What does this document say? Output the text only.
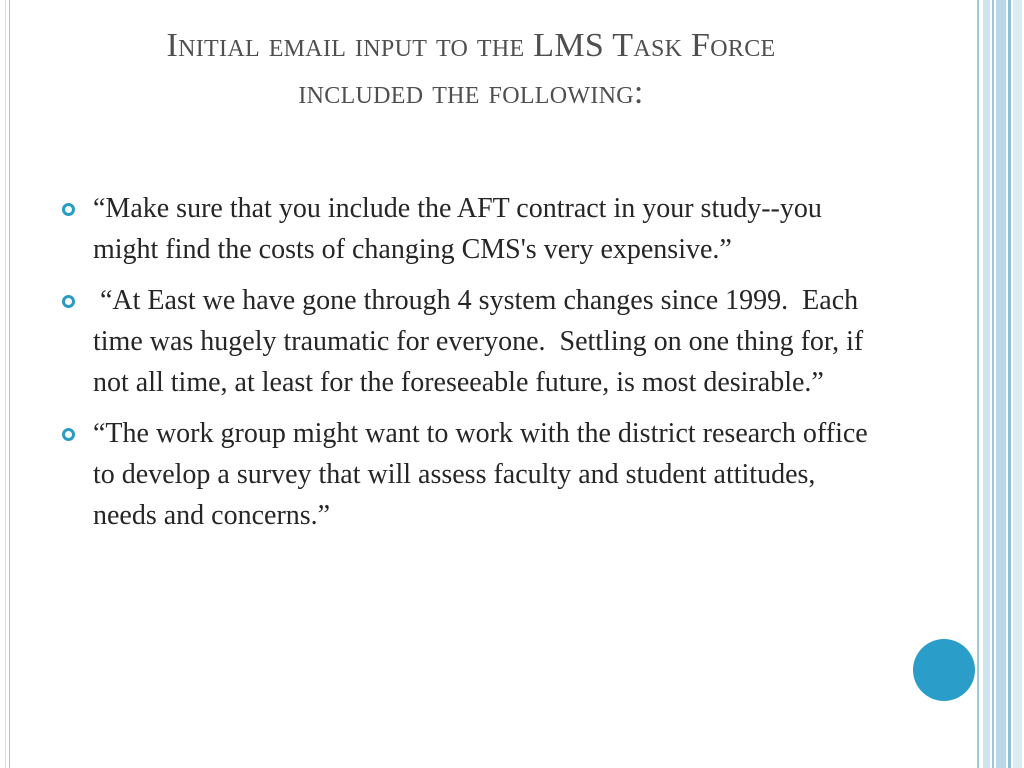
Initial email input to the LMS Task Force
included the following:
“Make sure that you include the AFT contract in your study--you might find the costs of changing CMS's very expensive.”
“At East we have gone through 4 system changes since 1999.  Each time was hugely traumatic for everyone.  Settling on one thing for, if not all time, at least for the foreseeable future, is most desirable.”
“The work group might want to work with the district research office to develop a survey that will assess faculty and student attitudes, needs and concerns.”
